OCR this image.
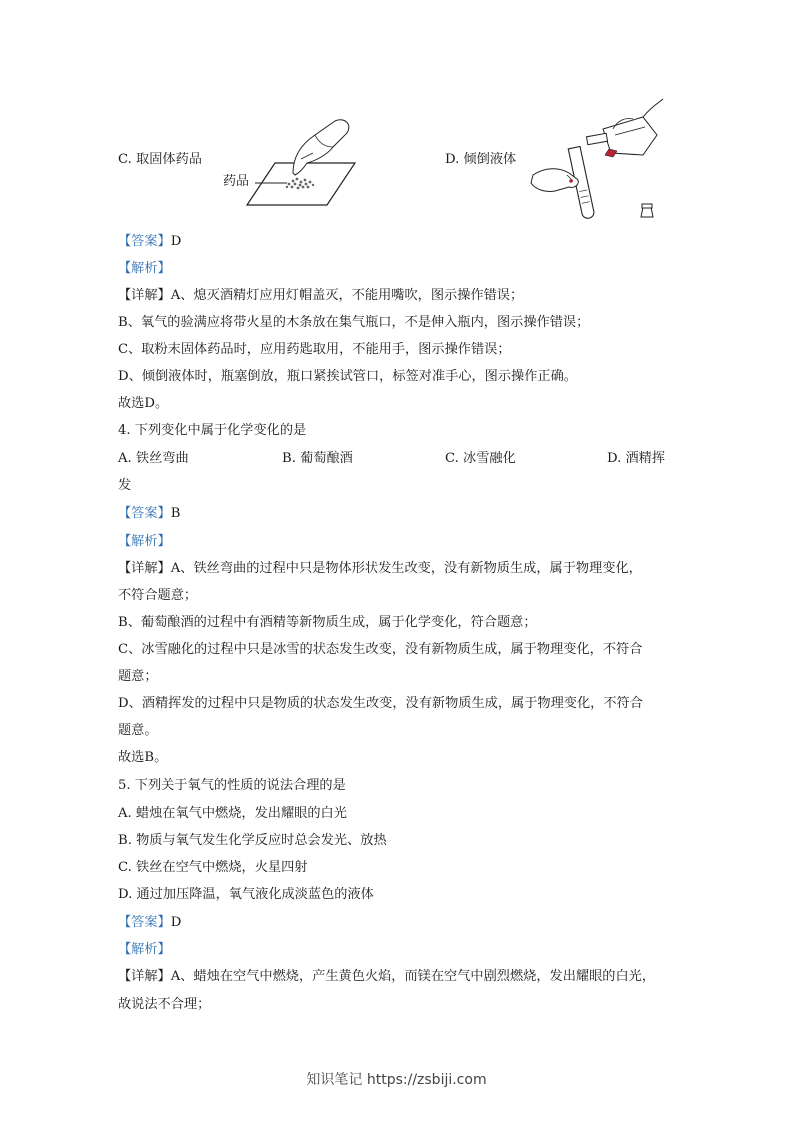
C. 取固体药品
药品
D. 倾倒液体
【答案】D
【解析】
【详解】A、熄灭酒精灯应用灯帽盖灭，不能用嘴吹，图示操作错误；
B、氧气的验满应将带火星的木条放在集气瓶口，不是伸入瓶内，图示操作错误；
C、取粉末固体药品时，应用药匙取用，不能用手，图示操作错误；
D、倾倒液体时，瓶塞倒放，瓶口紧挨试管口，标签对准手心，图示操作正确。
故选D。
4. 下列变化中属于化学变化的是
A. 铁丝弯曲	B. 葡萄酿酒	C. 冰雪融化	D. 酒精挥
发
【答案】B
【解析】
【详解】A、铁丝弯曲的过程中只是物体形状发生改变，没有新物质生成，属于物理变化，
不符合题意；
B、葡萄酿酒的过程中有酒精等新物质生成，属于化学变化，符合题意；
C、冰雪融化的过程中只是冰雪的状态发生改变，没有新物质生成，属于物理变化，不符合
题意；
D、酒精挥发的过程中只是物质的状态发生改变，没有新物质生成，属于物理变化，不符合
题意。
故选B。
5. 下列关于氧气的性质的说法合理的是
A. 蜡烛在氧气中燃烧，发出耀眼的白光
B. 物质与氧气发生化学反应时总会发光、放热
C. 铁丝在空气中燃烧，火星四射
D. 通过加压降温，氧气液化成淡蓝色的液体
【答案】D
【解析】
【详解】A、蜡烛在空气中燃烧，产生黄色火焰，而镁在空气中剧烈燃烧，发出耀眼的白光，
故说法不合理；
知识笔记 https://zsbiji.com
